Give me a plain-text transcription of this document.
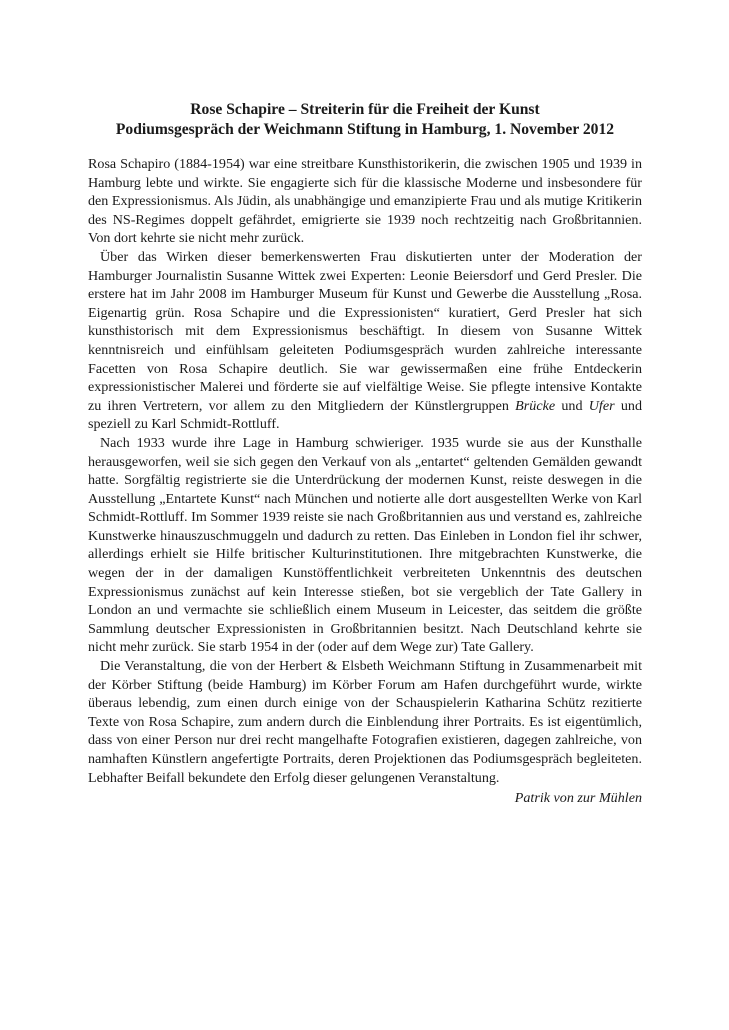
Rose Schapire – Streiterin für die Freiheit der Kunst
Podiumsgespräch der Weichmann Stiftung in Hamburg, 1. November 2012

Rosa Schapiro (1884-1954) war eine streitbare Kunsthistorikerin, die zwischen 1905 und 1939 in Hamburg lebte und wirkte. Sie engagierte sich für die klassische Moderne und insbesondere für den Expressionismus. Als Jüdin, als unabhängige und emanzipierte Frau und als mutige Kritikerin des NS-Regimes doppelt gefährdet, emigrierte sie 1939 noch rechtzeitig nach Großbritannien. Von dort kehrte sie nicht mehr zurück.

Über das Wirken dieser bemerkenswerten Frau diskutierten unter der Moderation der Hamburger Journalistin Susanne Wittek zwei Experten: Leonie Beiersdorf und Gerd Presler. Die erstere hat im Jahr 2008 im Hamburger Museum für Kunst und Gewerbe die Ausstellung „Rosa. Eigenartig grün. Rosa Schapire und die Expressionisten“ kuratiert, Gerd Presler hat sich kunsthistorisch mit dem Expressionismus beschäftigt. In diesem von Susanne Wittek kenntnisreich und einfühlsam geleiteten Podiumsgespräch wurden zahlreiche interessante Facetten von Rosa Schapire deutlich. Sie war gewissermaßen eine frühe Entdeckerin expressionistischer Malerei und förderte sie auf vielfältige Weise. Sie pflegte intensive Kontakte zu ihren Vertretern, vor allem zu den Mitgliedern der Künstlergruppen Brücke und Ufer und speziell zu Karl Schmidt-Rottluff.

Nach 1933 wurde ihre Lage in Hamburg schwieriger. 1935 wurde sie aus der Kunsthalle herausgeworfen, weil sie sich gegen den Verkauf von als „entartet“ geltenden Gemälden gewandt hatte. Sorgfältig registrierte sie die Unterdrückung der modernen Kunst, reiste deswegen in die Ausstellung „Entartete Kunst“ nach München und notierte alle dort ausgestellten Werke von Karl Schmidt-Rottluff. Im Sommer 1939 reiste sie nach Großbritannien aus und verstand es, zahlreiche Kunstwerke hinauszuschmuggeln und dadurch zu retten. Das Einleben in London fiel ihr schwer, allerdings erhielt sie Hilfe britischer Kulturinstitutionen. Ihre mitgebrachten Kunstwerke, die wegen der in der damaligen Kunstöffentlichkeit verbreiteten Unkenntnis des deutschen Expressionismus zunächst auf kein Interesse stießen, bot sie vergeblich der Tate Gallery in London an und vermachte sie schließlich einem Museum in Leicester, das seitdem die größte Sammlung deutscher Expressionisten in Großbritannien besitzt. Nach Deutschland kehrte sie nicht mehr zurück. Sie starb 1954 in der (oder auf dem Wege zur) Tate Gallery.

Die Veranstaltung, die von der Herbert & Elsbeth Weichmann Stiftung in Zusammenarbeit mit der Körber Stiftung (beide Hamburg) im Körber Forum am Hafen durchgeführt wurde, wirkte überaus lebendig, zum einen durch einige von der Schauspielerin Katharina Schütz rezitierte Texte von Rosa Schapire, zum andern durch die Einblendung ihrer Portraits. Es ist eigentümlich, dass von einer Person nur drei recht mangelhafte Fotografien existieren, dagegen zahlreiche, von namhaften Künstlern angefertigte Portraits, deren Projektionen das Podiumsgespräch begleiteten. Lebhafter Beifall bekundete den Erfolg dieser gelungenen Veranstaltung.

Patrik von zur Mühlen
